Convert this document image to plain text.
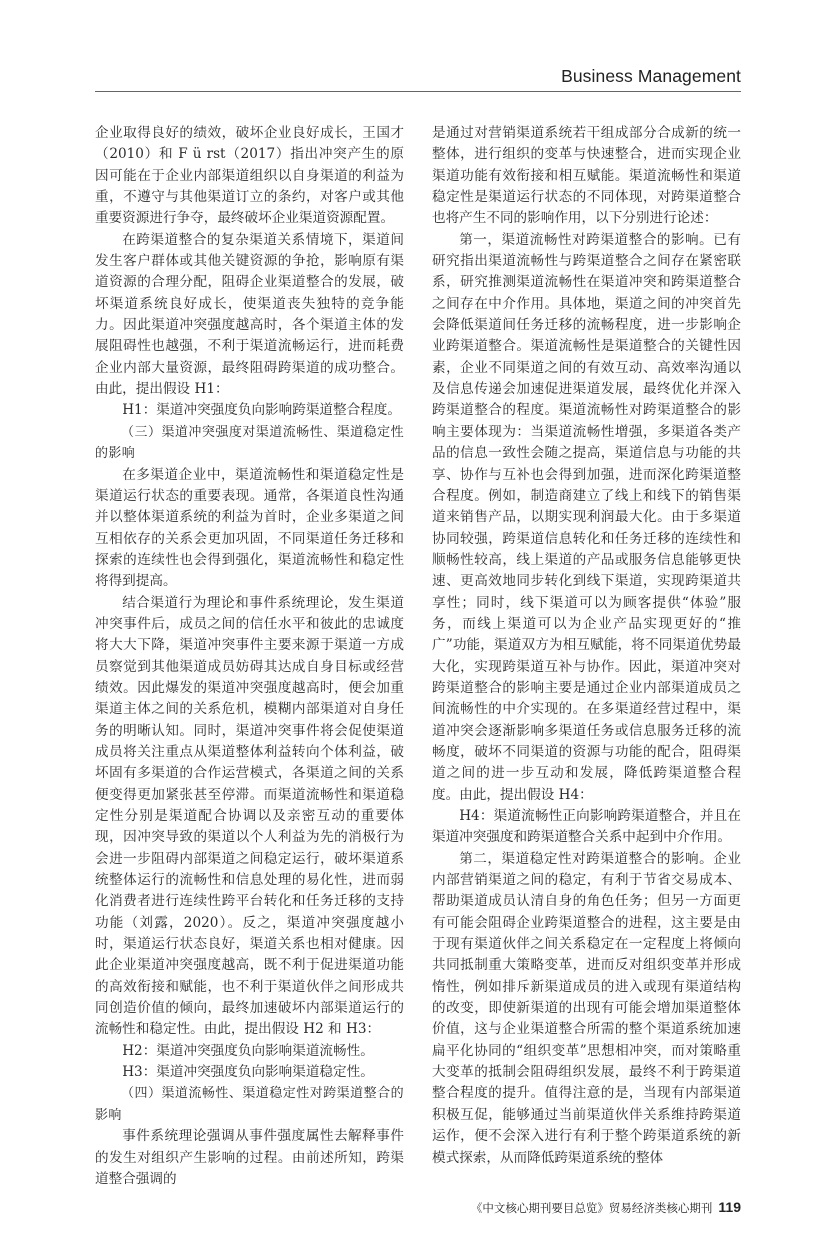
Business Management

企业取得良好的绩效，破坏企业良好成长，王国才（2010）和 F ü rst（2017）指出冲突产生的原因可能在于企业内部渠道组织以自身渠道的利益为重，不遵守与其他渠道订立的条约，对客户或其他重要资源进行争夺，最终破坏企业渠道资源配置。

在跨渠道整合的复杂渠道关系情境下，渠道间发生客户群体或其他关键资源的争抢，影响原有渠道资源的合理分配，阻碍企业渠道整合的发展，破坏渠道系统良好成长，使渠道丧失独特的竞争能力。因此渠道冲突强度越高时，各个渠道主体的发展阻碍性也越强，不利于渠道流畅运行，进而耗费企业内部大量资源，最终阻碍跨渠道的成功整合。由此，提出假设 H1：

H1：渠道冲突强度负向影响跨渠道整合程度。

（三）渠道冲突强度对渠道流畅性、渠道稳定性的影响

在多渠道企业中，渠道流畅性和渠道稳定性是渠道运行状态的重要表现。通常，各渠道良性沟通并以整体渠道系统的利益为首时，企业多渠道之间互相依存的关系会更加巩固，不同渠道任务迁移和探索的连续性也会得到强化，渠道流畅性和稳定性将得到提高。

结合渠道行为理论和事件系统理论，发生渠道冲突事件后，成员之间的信任水平和彼此的忠诚度将大大下降，渠道冲突事件主要来源于渠道一方成员察觉到其他渠道成员妨碍其达成自身目标或经营绩效。因此爆发的渠道冲突强度越高时，便会加重渠道主体之间的关系危机，模糊内部渠道对自身任务的明晰认知。同时，渠道冲突事件将会促使渠道成员将关注重点从渠道整体利益转向个体利益，破坏固有多渠道的合作运营模式，各渠道之间的关系便变得更加紧张甚至停滞。而渠道流畅性和渠道稳定性分别是渠道配合协调以及亲密互动的重要体现，因冲突导致的渠道以个人利益为先的消极行为会进一步阻碍内部渠道之间稳定运行，破坏渠道系统整体运行的流畅性和信息处理的易化性，进而弱化消费者进行连续性跨平台转化和任务迁移的支持功能（刘露，2020）。反之，渠道冲突强度越小时，渠道运行状态良好，渠道关系也相对健康。因此企业渠道冲突强度越高，既不利于促进渠道功能的高效衔接和赋能，也不利于渠道伙伴之间形成共同创造价值的倾向，最终加速破坏内部渠道运行的流畅性和稳定性。由此，提出假设 H2 和 H3：

H2：渠道冲突强度负向影响渠道流畅性。

H3：渠道冲突强度负向影响渠道稳定性。

（四）渠道流畅性、渠道稳定性对跨渠道整合的影响

事件系统理论强调从事件强度属性去解释事件的发生对组织产生影响的过程。由前述所知，跨渠道整合强调的

是通过对营销渠道系统若干组成部分合成新的统一整体，进行组织的变革与快速整合，进而实现企业渠道功能有效衔接和相互赋能。渠道流畅性和渠道稳定性是渠道运行状态的不同体现，对跨渠道整合也将产生不同的影响作用，以下分别进行论述：

第一，渠道流畅性对跨渠道整合的影响。已有研究指出渠道流畅性与跨渠道整合之间存在紧密联系，研究推测渠道流畅性在渠道冲突和跨渠道整合之间存在中介作用。具体地，渠道之间的冲突首先会降低渠道间任务迁移的流畅程度，进一步影响企业跨渠道整合。渠道流畅性是渠道整合的关键性因素，企业不同渠道之间的有效互动、高效率沟通以及信息传递会加速促进渠道发展，最终优化并深入跨渠道整合的程度。渠道流畅性对跨渠道整合的影响主要体现为：当渠道流畅性增强，多渠道各类产品的信息一致性会随之提高，渠道信息与功能的共享、协作与互补也会得到加强，进而深化跨渠道整合程度。例如，制造商建立了线上和线下的销售渠道来销售产品，以期实现利润最大化。由于多渠道协同较强，跨渠道信息转化和任务迁移的连续性和顺畅性较高，线上渠道的产品或服务信息能够更快速、更高效地同步转化到线下渠道，实现跨渠道共享性；同时，线下渠道可以为顾客提供“体验”服务，而线上渠道可以为企业产品实现更好的“推广”功能，渠道双方为相互赋能，将不同渠道优势最大化，实现跨渠道互补与协作。因此，渠道冲突对跨渠道整合的影响主要是通过企业内部渠道成员之间流畅性的中介实现的。在多渠道经营过程中，渠道冲突会逐渐影响多渠道任务或信息服务迁移的流畅度，破坏不同渠道的资源与功能的配合，阻碍渠道之间的进一步互动和发展，降低跨渠道整合程度。由此，提出假设 H4：

H4：渠道流畅性正向影响跨渠道整合，并且在渠道冲突强度和跨渠道整合关系中起到中介作用。

第二，渠道稳定性对跨渠道整合的影响。企业内部营销渠道之间的稳定，有利于节省交易成本、帮助渠道成员认清自身的角色任务；但另一方面更有可能会阻碍企业跨渠道整合的进程，这主要是由于现有渠道伙伴之间关系稳定在一定程度上将倾向共同抵制重大策略变革，进而反对组织变革并形成惰性，例如排斥新渠道成员的进入或现有渠道结构的改变，即使新渠道的出现有可能会增加渠道整体价值，这与企业渠道整合所需的整个渠道系统加速扁平化协同的“组织变革”思想相冲突，而对策略重大变革的抵制会阻碍组织发展，最终不利于跨渠道整合程度的提升。值得注意的是，当现有内部渠道积极互促，能够通过当前渠道伙伴关系维持跨渠道运作，便不会深入进行有利于整个跨渠道系统的新模式探索，从而降低跨渠道系统的整体

《中文核心期刊要目总览》贸易经济类核心期刊 119
